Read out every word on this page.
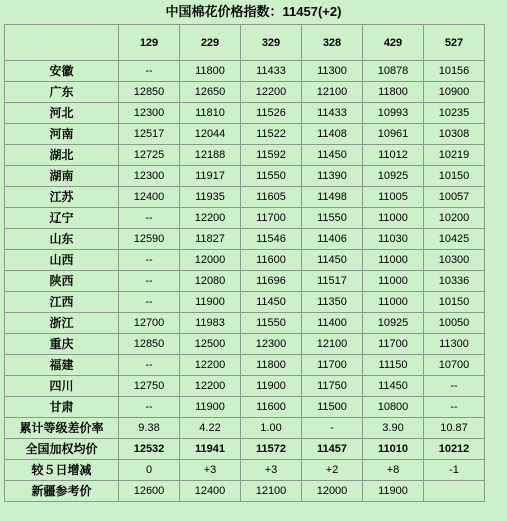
中国棉花价格指数：11457(+2)
	129	229	329	328	429	527
安徽	--	11800	11433	11300	10878	10156
广东	12850	12650	12200	12100	11800	10900
河北	12300	11810	11526	11433	10993	10235
河南	12517	12044	11522	11408	10961	10308
湖北	12725	12188	11592	11450	11012	10219
湖南	12300	11917	11550	11390	10925	10150
江苏	12400	11935	11605	11498	11005	10057
辽宁	--	12200	11700	11550	11000	10200
山东	12590	11827	11546	11406	11030	10425
山西	--	12000	11600	11450	11000	10300
陕西	--	12080	11696	11517	11000	10336
江西	--	11900	11450	11350	11000	10150
浙江	12700	11983	11550	11400	10925	10050
重庆	12850	12500	12300	12100	11700	11300
福建	--	12200	11800	11700	11150	10700
四川	12750	12200	11900	11750	11450	--
甘肃	--	11900	11600	11500	10800	--
累计等级差价率	9.38	4.22	1.00	-	3.90	10.87
全国加权均价	12532	11941	11572	11457	11010	10212
较５日增减	0	+3	+3	+2	+8	-1
新疆参考价	12600	12400	12100	12000	11900	
